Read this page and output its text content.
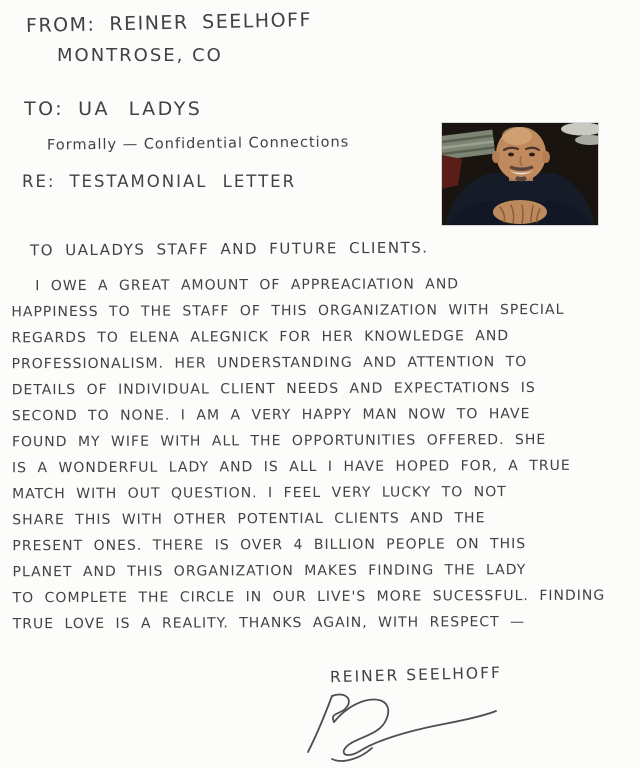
FROM: REINER SEELHOFF
MONTROSE, CO
TO: UA LADYS
Formally — Confidential Connections
RE: TESTAMONIAL LETTER
TO UALADYS STAFF AND FUTURE CLIENTS.
I OWE A GREAT AMOUNT OF APPREACIATION AND
HAPPINESS TO THE STAFF OF THIS ORGANIZATION WITH SPECIAL
REGARDS TO ELENA ALEGNICK FOR HER KNOWLEDGE AND
PROFESSIONALISM. HER UNDERSTANDING AND ATTENTION TO
DETAILS OF INDIVIDUAL CLIENT NEEDS AND EXPECTATIONS IS
SECOND TO NONE. I AM A VERY HAPPY MAN NOW TO HAVE
FOUND MY WIFE WITH ALL THE OPPORTUNITIES OFFERED. SHE
IS A WONDERFUL LADY AND IS ALL I HAVE HOPED FOR, A TRUE
MATCH WITH OUT QUESTION. I FEEL VERY LUCKY TO NOT
SHARE THIS WITH OTHER POTENTIAL CLIENTS AND THE
PRESENT ONES. THERE IS OVER 4 BILLION PEOPLE ON THIS
PLANET AND THIS ORGANIZATION MAKES FINDING THE LADY
TO COMPLETE THE CIRCLE IN OUR LIVE'S MORE SUCESSFUL. FINDING
TRUE LOVE IS A REALITY. THANKS AGAIN, WITH RESPECT —
REINER SEELHOFF
